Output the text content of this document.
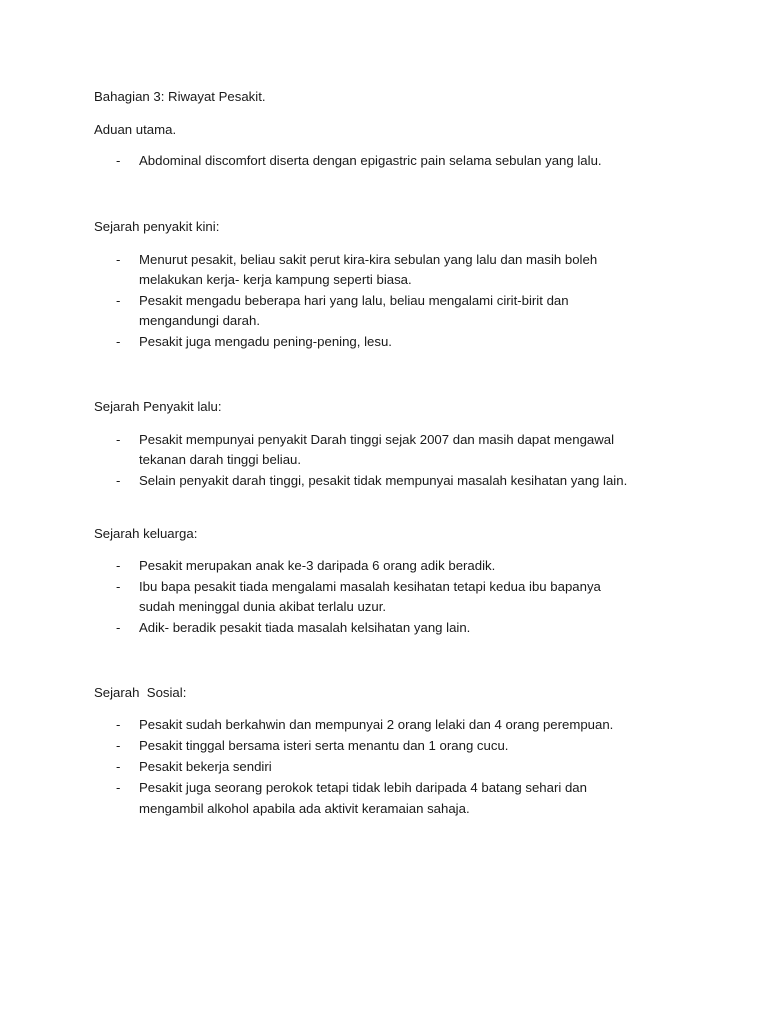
Bahagian 3: Riwayat Pesakit.
Aduan utama.
- Abdominal discomfort diserta dengan epigastric pain selama sebulan yang lalu.
Sejarah penyakit kini:
- Menurut pesakit, beliau sakit perut kira-kira sebulan yang lalu dan masih boleh
melakukan kerja- kerja kampung seperti biasa.
- Pesakit mengadu beberapa hari yang lalu, beliau mengalami cirit-birit dan
mengandungi darah.
- Pesakit juga mengadu pening-pening, lesu.
Sejarah Penyakit lalu:
- Pesakit mempunyai penyakit Darah tinggi sejak 2007 dan masih dapat mengawal
tekanan darah tinggi beliau.
- Selain penyakit darah tinggi, pesakit tidak mempunyai masalah kesihatan yang lain.
Sejarah keluarga:
- Pesakit merupakan anak ke-3 daripada 6 orang adik beradik.
- Ibu bapa pesakit tiada mengalami masalah kesihatan tetapi kedua ibu bapanya
sudah meninggal dunia akibat terlalu uzur.
- Adik- beradik pesakit tiada masalah kelsihatan yang lain.
Sejarah  Sosial:
- Pesakit sudah berkahwin dan mempunyai 2 orang lelaki dan 4 orang perempuan.
- Pesakit tinggal bersama isteri serta menantu dan 1 orang cucu.
- Pesakit bekerja sendiri
- Pesakit juga seorang perokok tetapi tidak lebih daripada 4 batang sehari dan
mengambil alkohol apabila ada aktivit keramaian sahaja.
